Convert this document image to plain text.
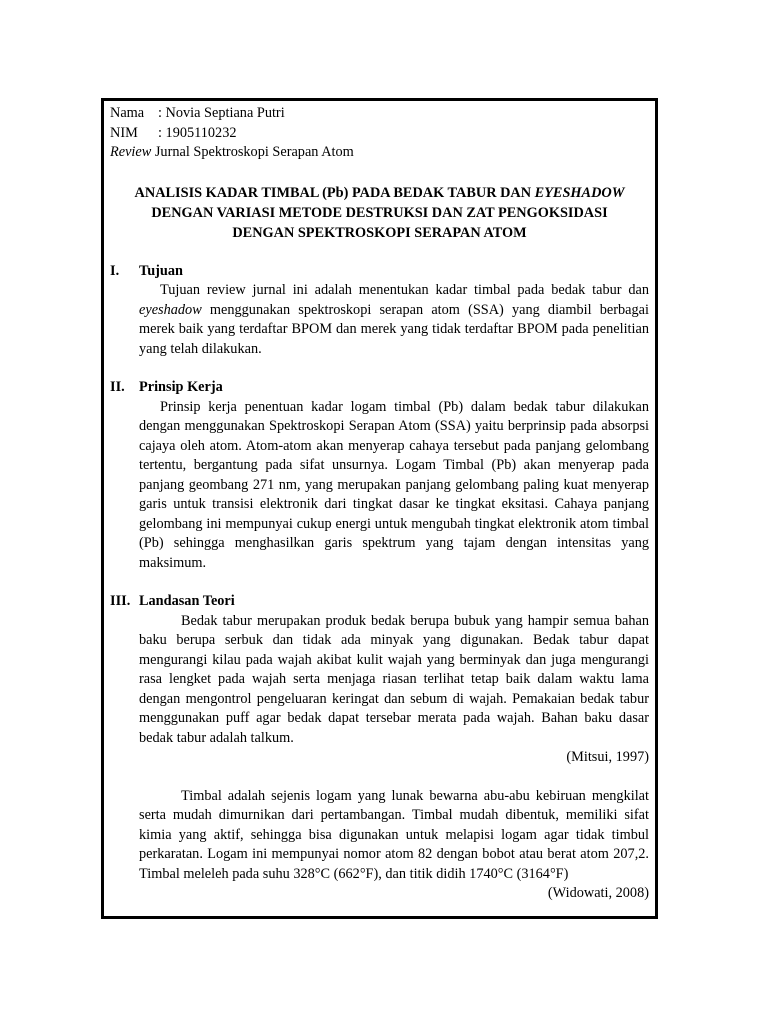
Nama : Novia Septiana Putri
NIM : 1905110232
Review Jurnal Spektroskopi Serapan Atom
ANALISIS KADAR TIMBAL (Pb) PADA BEDAK TABUR DAN EYESHADOW
DENGAN VARIASI METODE DESTRUKSI DAN ZAT PENGOKSIDASI
DENGAN SPEKTROSKOPI SERAPAN ATOM
I.	Tujuan
Tujuan review jurnal ini adalah menentukan kadar timbal pada bedak tabur dan eyeshadow menggunakan spektroskopi serapan atom (SSA) yang diambil berbagai merek baik yang terdaftar BPOM dan merek yang tidak terdaftar BPOM pada penelitian yang telah dilakukan.
II. Prinsip Kerja
Prinsip kerja penentuan kadar logam timbal (Pb) dalam bedak tabur dilakukan dengan menggunakan Spektroskopi Serapan Atom (SSA) yaitu berprinsip pada absorpsi cajaya oleh atom. Atom-atom akan menyerap cahaya tersebut pada panjang gelombang tertentu, bergantung pada sifat unsurnya. Logam Timbal (Pb) akan menyerap pada panjang geombang 271 nm, yang merupakan panjang gelombang paling kuat menyerap garis untuk transisi elektronik dari tingkat dasar ke tingkat eksitasi. Cahaya panjang gelombang ini mempunyai cukup energi untuk mengubah tingkat elektronik atom timbal (Pb) sehingga menghasilkan garis spektrum yang tajam dengan intensitas yang maksimum.
III. Landasan Teori
Bedak tabur merupakan produk bedak berupa bubuk yang hampir semua bahan baku berupa serbuk dan tidak ada minyak yang digunakan. Bedak tabur dapat mengurangi kilau pada wajah akibat kulit wajah yang berminyak dan juga mengurangi rasa lengket pada wajah serta menjaga riasan terlihat tetap baik dalam waktu lama dengan mengontrol pengeluaran keringat dan sebum di wajah. Pemakaian bedak tabur menggunakan puff agar bedak dapat tersebar merata pada wajah. Bahan baku dasar bedak tabur adalah talkum.
(Mitsui, 1997)
Timbal adalah sejenis logam yang lunak bewarna abu-abu kebiruan mengkilat serta mudah dimurnikan dari pertambangan. Timbal mudah dibentuk, memiliki sifat kimia yang aktif, sehingga bisa digunakan untuk melapisi logam agar tidak timbul perkaratan. Logam ini mempunyai nomor atom 82 dengan bobot atau berat atom 207,2. Timbal meleleh pada suhu 328°C (662°F), dan titik didih 1740°C (3164°F)
(Widowati, 2008)
